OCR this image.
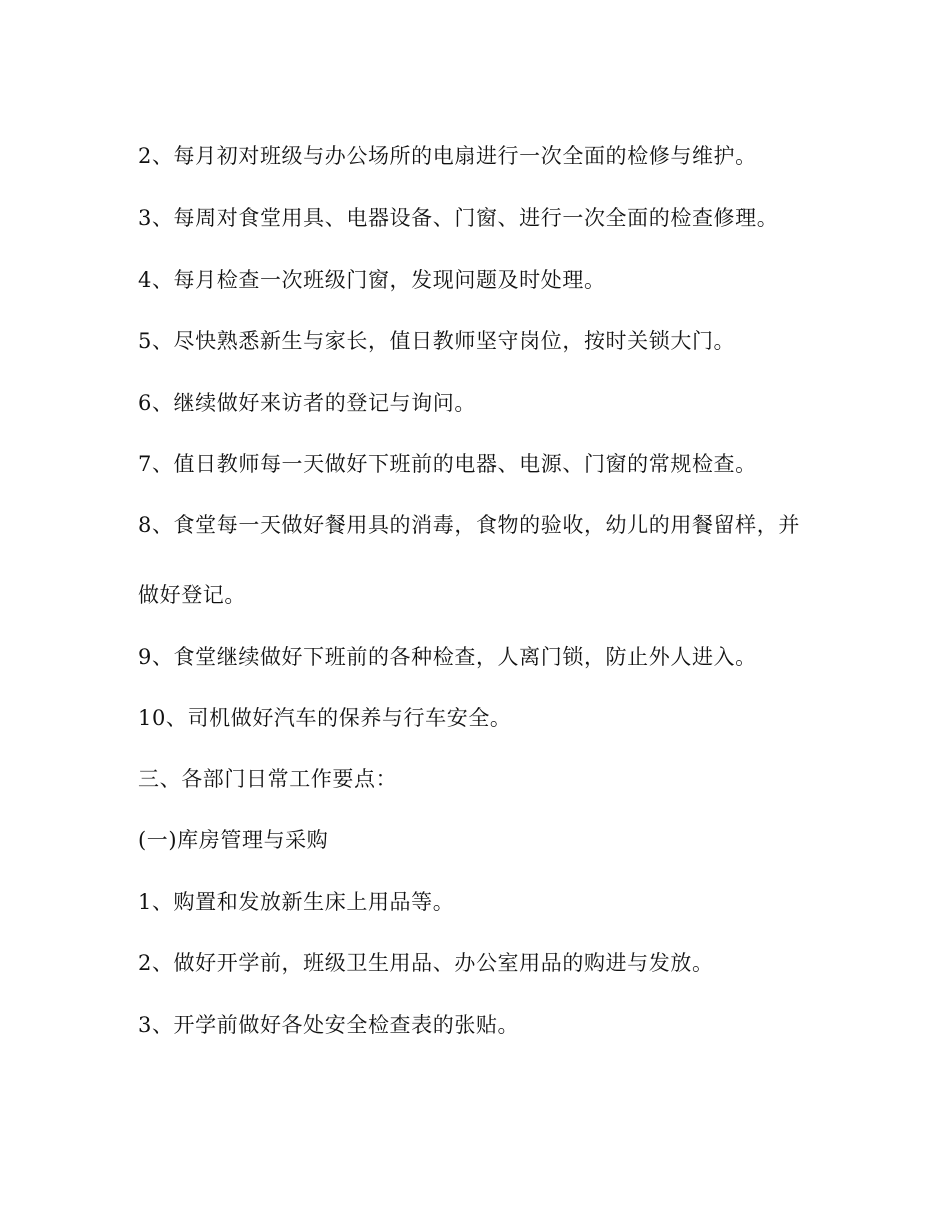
2、每月初对班级与办公场所的电扇进行一次全面的检修与维护。
3、每周对食堂用具、电器设备、门窗、进行一次全面的检查修理。
4、每月检查一次班级门窗，发现问题及时处理。
5、尽快熟悉新生与家长，值日教师坚守岗位，按时关锁大门。
6、继续做好来访者的登记与询问。
7、值日教师每一天做好下班前的电器、电源、门窗的常规检查。
8、食堂每一天做好餐用具的消毒，食物的验收，幼儿的用餐留样，并
做好登记。
9、食堂继续做好下班前的各种检查，人离门锁，防止外人进入。
10、司机做好汽车的保养与行车安全。
三、各部门日常工作要点：
(一)库房管理与采购
1、购置和发放新生床上用品等。
2、做好开学前，班级卫生用品、办公室用品的购进与发放。
3、开学前做好各处安全检查表的张贴。
